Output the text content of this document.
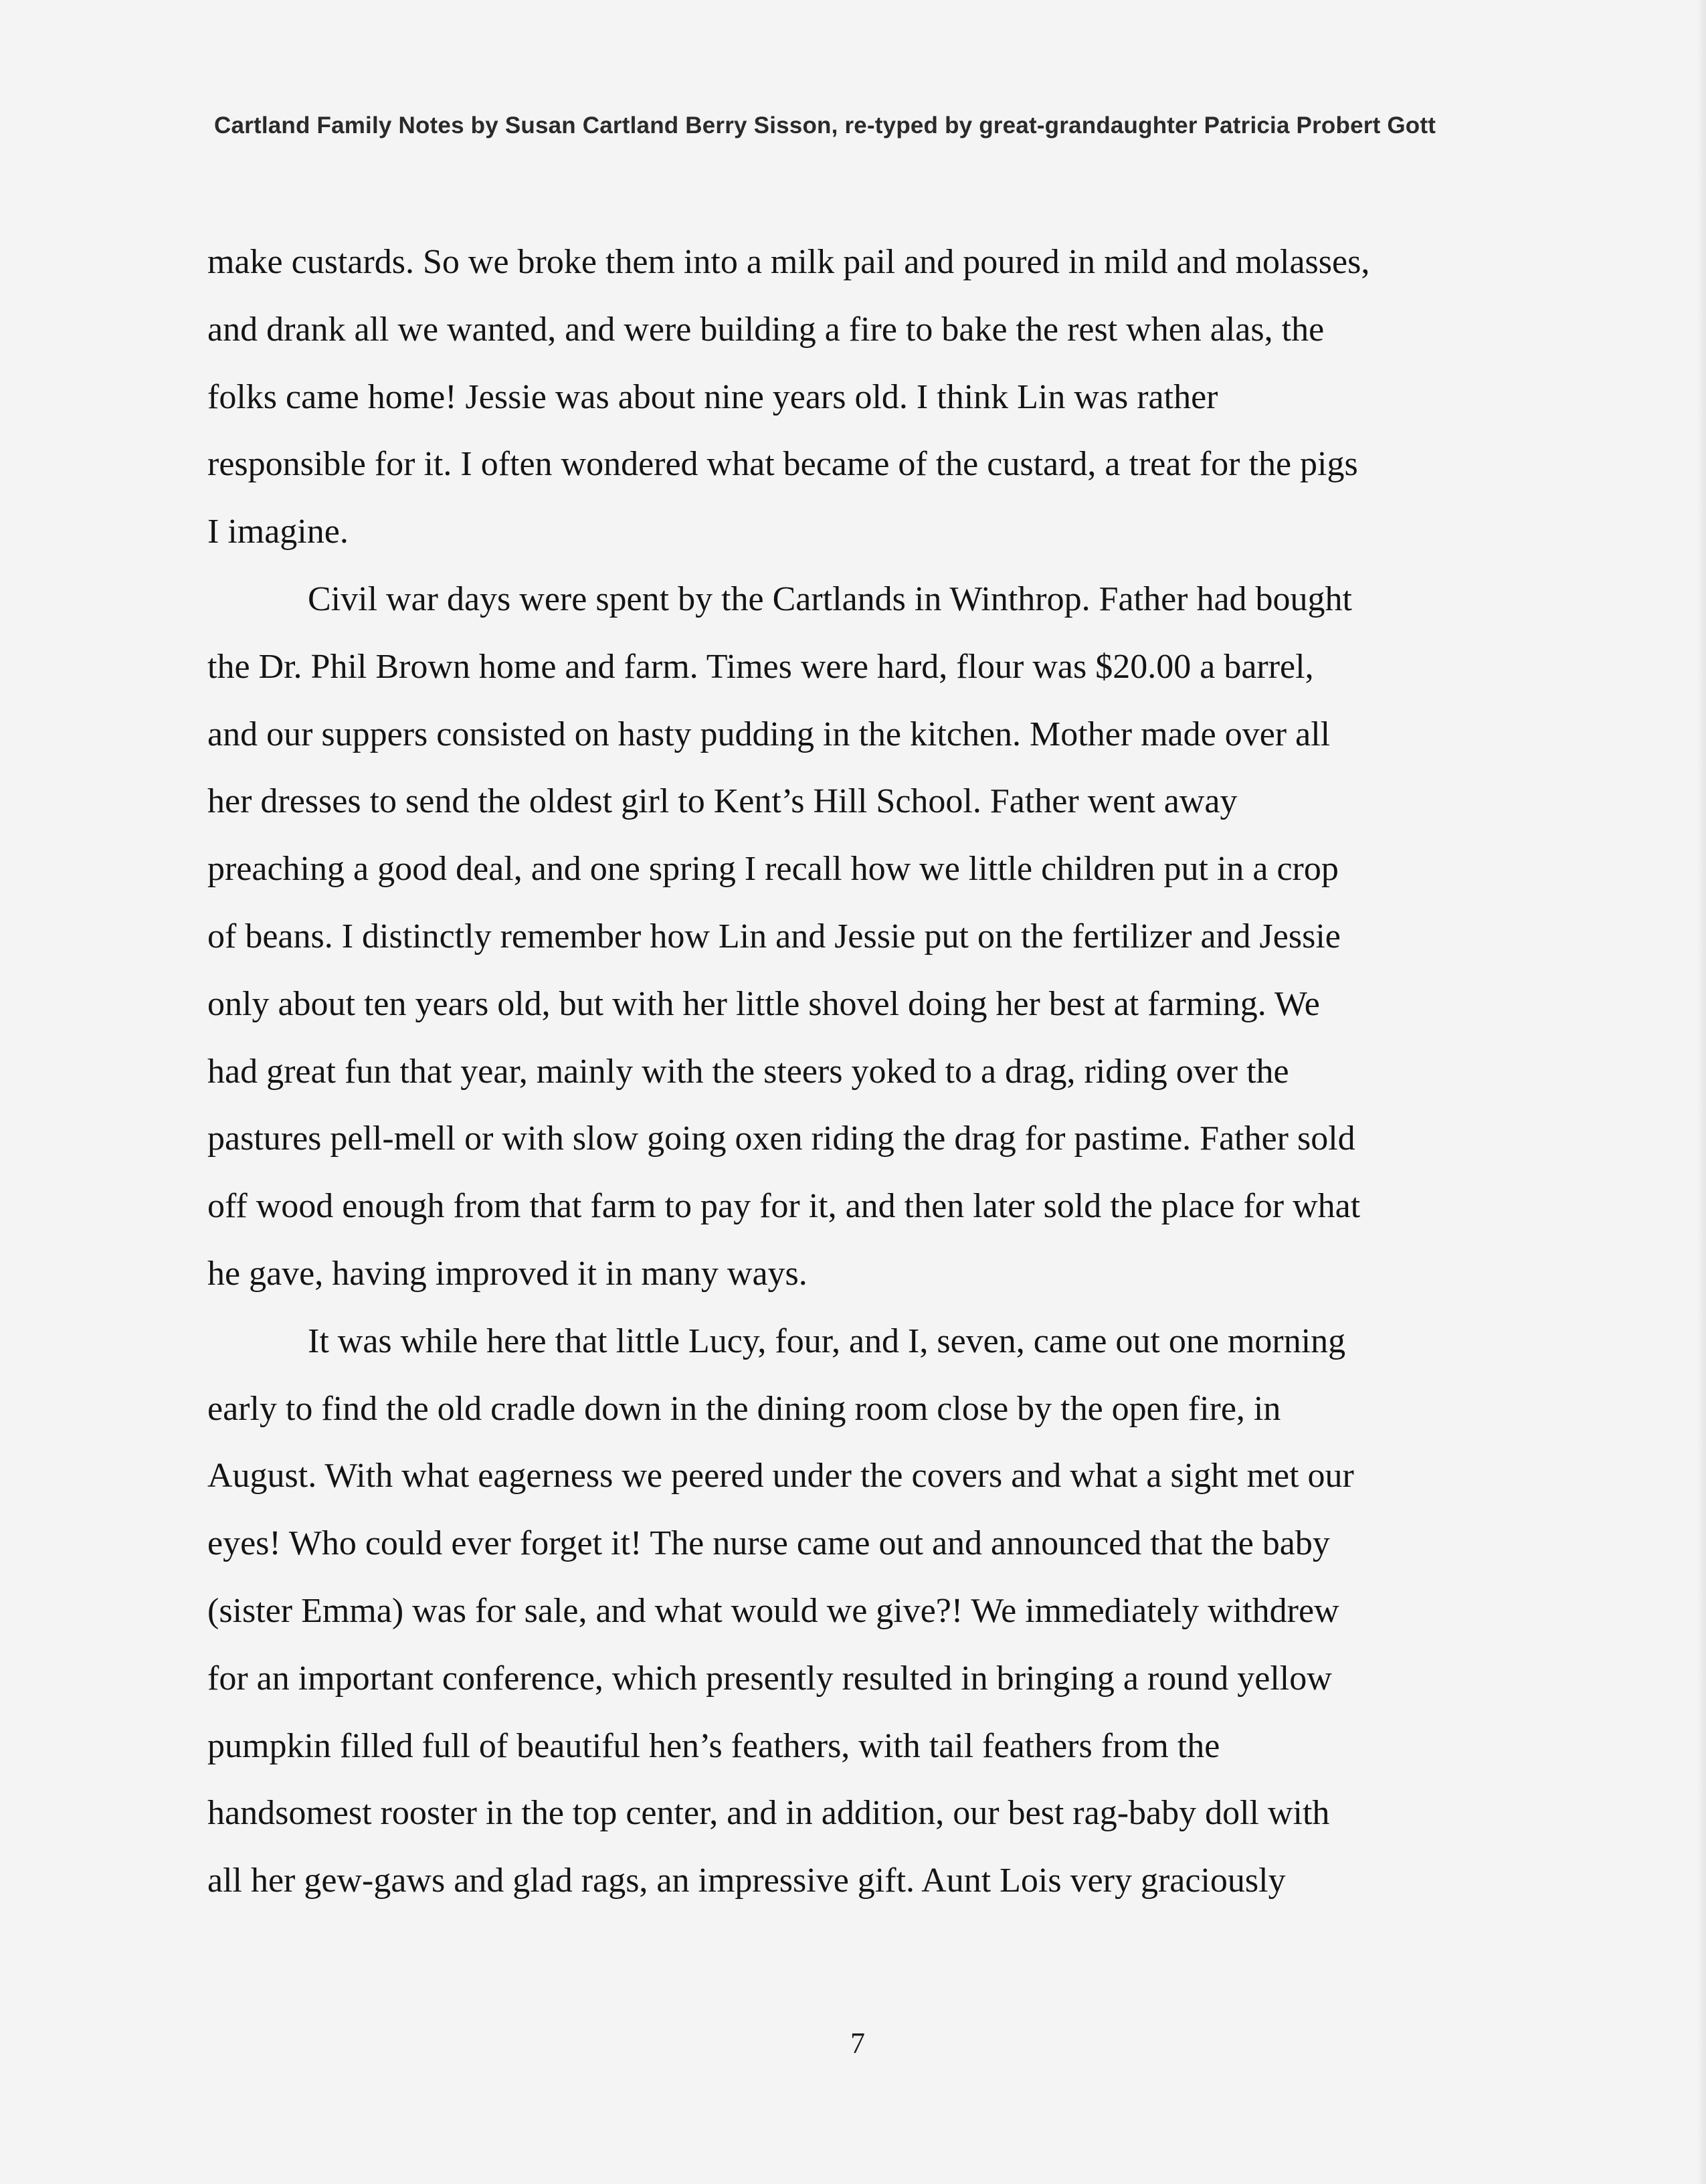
Cartland Family Notes by Susan Cartland Berry Sisson, re-typed by great-grandaughter Patricia Probert Gott
make custards. So we broke them into a milk pail and poured in mild and molasses,
and drank all we wanted, and were building a fire to bake the rest when alas, the
folks came home! Jessie was about nine years old. I think Lin was rather
responsible for it. I often wondered what became of the custard, a treat for the pigs
I imagine.
Civil war days were spent by the Cartlands in Winthrop. Father had bought
the Dr. Phil Brown home and farm. Times were hard, flour was $20.00 a barrel,
and our suppers consisted on hasty pudding in the kitchen. Mother made over all
her dresses to send the oldest girl to Kent’s Hill School. Father went away
preaching a good deal, and one spring I recall how we little children put in a crop
of beans. I distinctly remember how Lin and Jessie put on the fertilizer and Jessie
only about ten years old, but with her little shovel doing her best at farming. We
had great fun that year, mainly with the steers yoked to a drag, riding over the
pastures pell-mell or with slow going oxen riding the drag for pastime. Father sold
off wood enough from that farm to pay for it, and then later sold the place for what
he gave, having improved it in many ways.
It was while here that little Lucy, four, and I, seven, came out one morning
early to find the old cradle down in the dining room close by the open fire, in
August. With what eagerness we peered under the covers and what a sight met our
eyes! Who could ever forget it! The nurse came out and announced that the baby
(sister Emma) was for sale, and what would we give?! We immediately withdrew
for an important conference, which presently resulted in bringing a round yellow
pumpkin filled full of beautiful hen’s feathers, with tail feathers from the
handsomest rooster in the top center, and in addition, our best rag-baby doll with
all her gew-gaws and glad rags, an impressive gift. Aunt Lois very graciously
7
